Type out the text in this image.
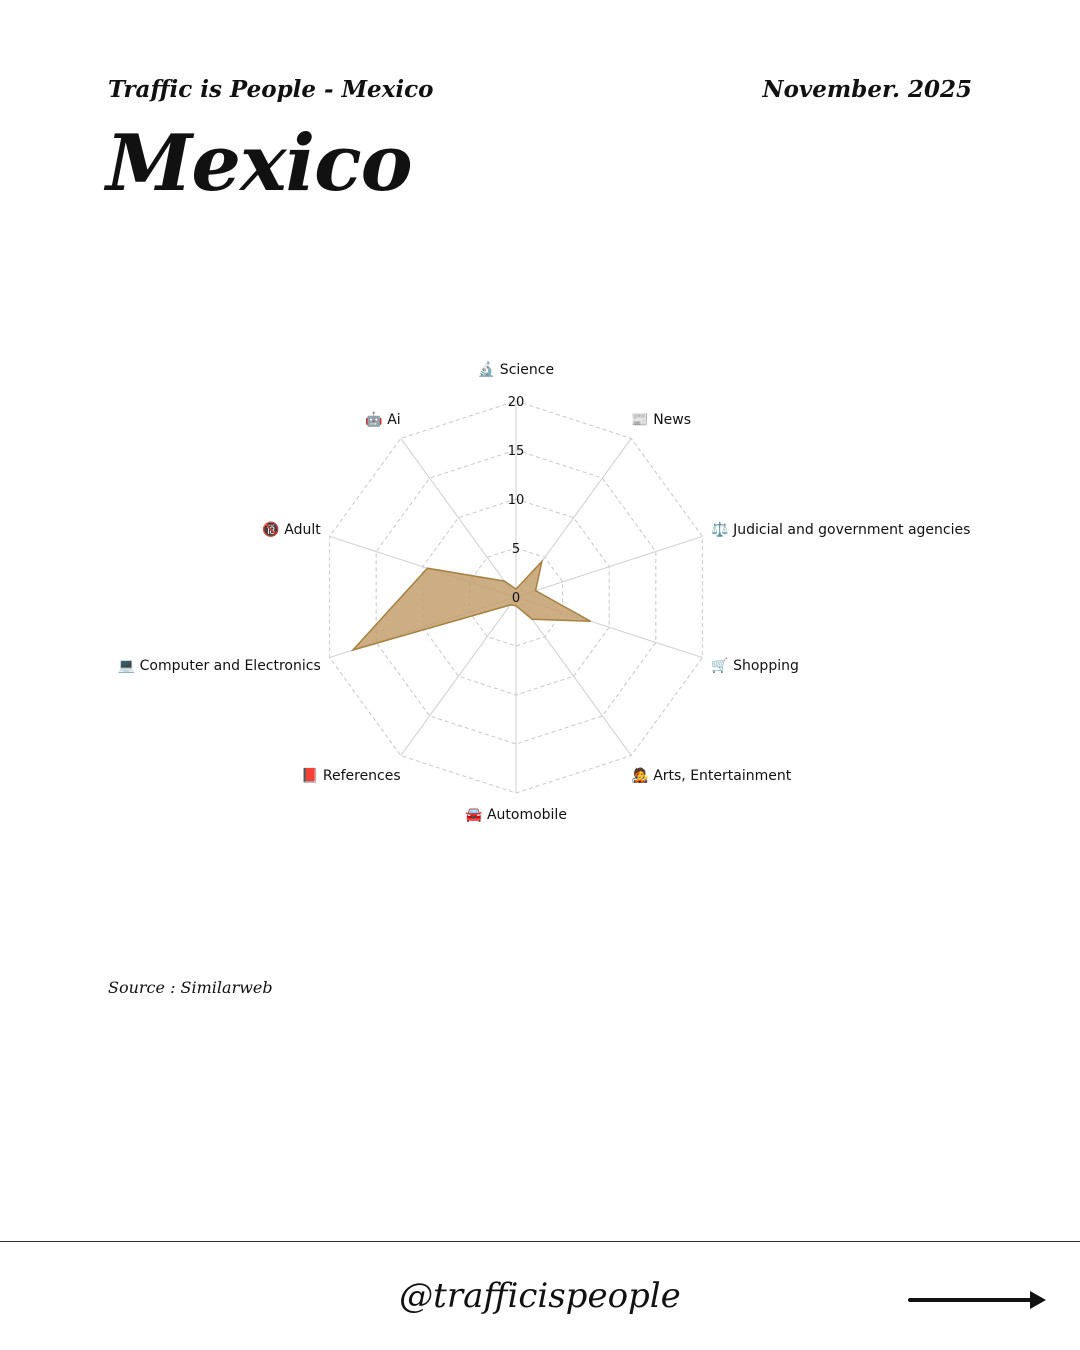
Traffic is People - Mexico	November. 2025
Mexico
0
5
10
15
20
🔬 Science
📰 News
⚖️ Judicial and government agencies
🛒 Shopping
🧑‍🎤 Arts, Entertainment
🚘 Automobile
📕 References
💻 Computer and Electronics
🔞 Adult
🤖 Ai
Source : Similarweb
@trafficispeople
